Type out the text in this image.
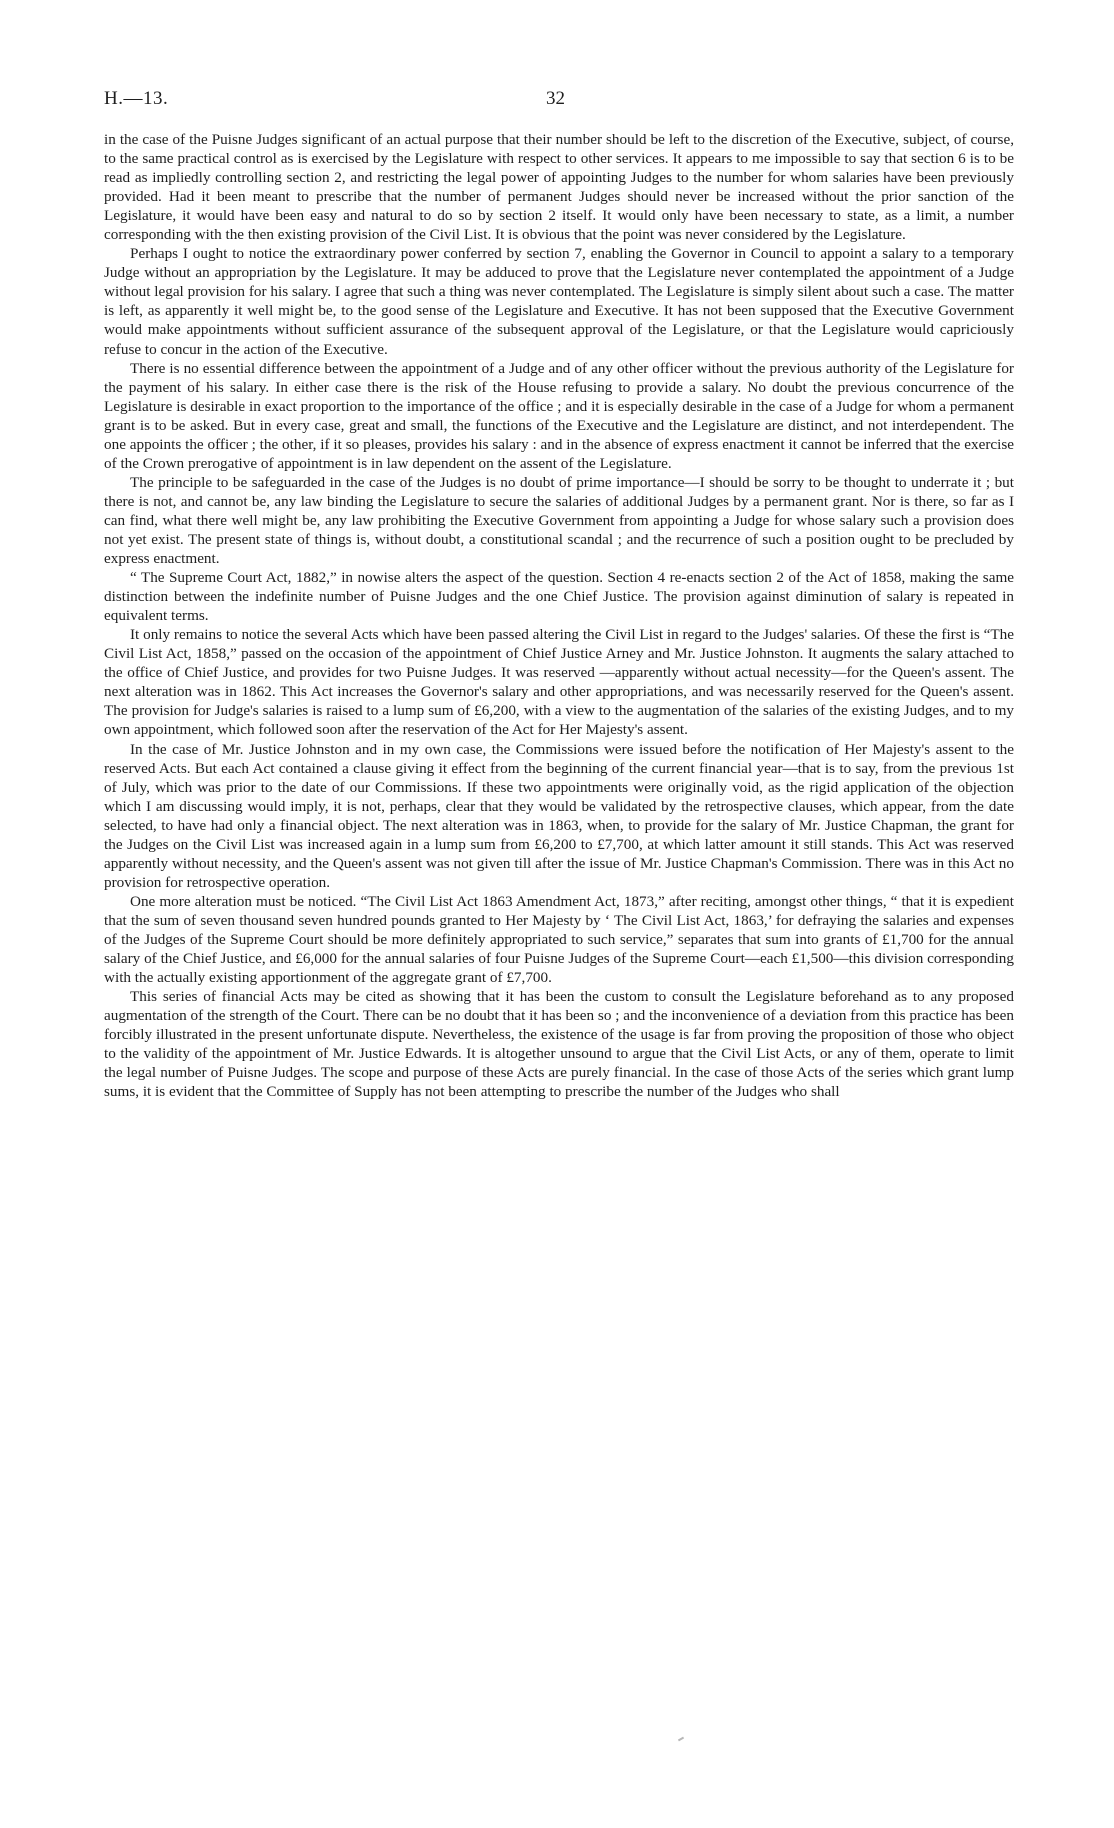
H.—13.	32

in the case of the Puisne Judges significant of an actual purpose that their number should be left to the discretion of the Executive, subject, of course, to the same practical control as is exercised by the Legislature with respect to other services. It appears to me impossible to say that section 6 is to be read as impliedly controlling section 2, and restricting the legal power of appointing Judges to the number for whom salaries have been previously provided. Had it been meant to prescribe that the number of permanent Judges should never be increased without the prior sanction of the Legislature, it would have been easy and natural to do so by section 2 itself. It would only have been necessary to state, as a limit, a number corresponding with the then existing provision of the Civil List. It is obvious that the point was never considered by the Legislature.

Perhaps I ought to notice the extraordinary power conferred by section 7, enabling the Governor in Council to appoint a salary to a temporary Judge without an appropriation by the Legislature. It may be adduced to prove that the Legislature never contemplated the appointment of a Judge without legal provision for his salary. I agree that such a thing was never contemplated. The Legislature is simply silent about such a case. The matter is left, as apparently it well might be, to the good sense of the Legislature and Executive. It has not been supposed that the Executive Government would make appointments without sufficient assurance of the subsequent approval of the Legislature, or that the Legislature would capriciously refuse to concur in the action of the Executive.

There is no essential difference between the appointment of a Judge and of any other officer without the previous authority of the Legislature for the payment of his salary. In either case there is the risk of the House refusing to provide a salary. No doubt the previous concurrence of the Legislature is desirable in exact proportion to the importance of the office ; and it is especially desirable in the case of a Judge for whom a permanent grant is to be asked. But in every case, great and small, the functions of the Executive and the Legislature are distinct, and not interdependent. The one appoints the officer ; the other, if it so pleases, provides his salary : and in the absence of express enactment it cannot be inferred that the exercise of the Crown prerogative of appointment is in law dependent on the assent of the Legislature.

The principle to be safeguarded in the case of the Judges is no doubt of prime importance—I should be sorry to be thought to underrate it ; but there is not, and cannot be, any law binding the Legislature to secure the salaries of additional Judges by a permanent grant. Nor is there, so far as I can find, what there well might be, any law prohibiting the Executive Government from appointing a Judge for whose salary such a provision does not yet exist. The present state of things is, without doubt, a constitutional scandal ; and the recurrence of such a position ought to be precluded by express enactment.

“ The Supreme Court Act, 1882,” in nowise alters the aspect of the question. Section 4 re-enacts section 2 of the Act of 1858, making the same distinction between the indefinite number of Puisne Judges and the one Chief Justice. The provision against diminution of salary is repeated in equivalent terms.

It only remains to notice the several Acts which have been passed altering the Civil List in regard to the Judges' salaries. Of these the first is “The Civil List Act, 1858,” passed on the occasion of the appointment of Chief Justice Arney and Mr. Justice Johnston. It augments the salary attached to the office of Chief Justice, and provides for two Puisne Judges. It was reserved —apparently without actual necessity—for the Queen's assent. The next alteration was in 1862. This Act increases the Governor's salary and other appropriations, and was necessarily reserved for the Queen's assent. The provision for Judge's salaries is raised to a lump sum of £6,200, with a view to the augmentation of the salaries of the existing Judges, and to my own appointment, which followed soon after the reservation of the Act for Her Majesty's assent.

In the case of Mr. Justice Johnston and in my own case, the Commissions were issued before the notification of Her Majesty's assent to the reserved Acts. But each Act contained a clause giving it effect from the beginning of the current financial year—that is to say, from the previous 1st of July, which was prior to the date of our Commissions. If these two appointments were originally void, as the rigid application of the objection which I am discussing would imply, it is not, perhaps, clear that they would be validated by the retrospective clauses, which appear, from the date selected, to have had only a financial object. The next alteration was in 1863, when, to provide for the salary of Mr. Justice Chapman, the grant for the Judges on the Civil List was increased again in a lump sum from £6,200 to £7,700, at which latter amount it still stands. This Act was reserved apparently without necessity, and the Queen's assent was not given till after the issue of Mr. Justice Chapman's Commission. There was in this Act no provision for retrospective operation.

One more alteration must be noticed. “The Civil List Act 1863 Amendment Act, 1873,” after reciting, amongst other things, “ that it is expedient that the sum of seven thousand seven hundred pounds granted to Her Majesty by ‘ The Civil List Act, 1863,’ for defraying the salaries and expenses of the Judges of the Supreme Court should be more definitely appropriated to such service,” separates that sum into grants of £1,700 for the annual salary of the Chief Justice, and £6,000 for the annual salaries of four Puisne Judges of the Supreme Court—each £1,500—this division corresponding with the actually existing apportionment of the aggregate grant of £7,700.

This series of financial Acts may be cited as showing that it has been the custom to consult the Legislature beforehand as to any proposed augmentation of the strength of the Court. There can be no doubt that it has been so ; and the inconvenience of a deviation from this practice has been forcibly illustrated in the present unfortunate dispute. Nevertheless, the existence of the usage is far from proving the proposition of those who object to the validity of the appointment of Mr. Justice Edwards. It is altogether unsound to argue that the Civil List Acts, or any of them, operate to limit the legal number of Puisne Judges. The scope and purpose of these Acts are purely financial. In the case of those Acts of the series which grant lump sums, it is evident that the Committee of Supply has not been attempting to prescribe the number of the Judges who shall
